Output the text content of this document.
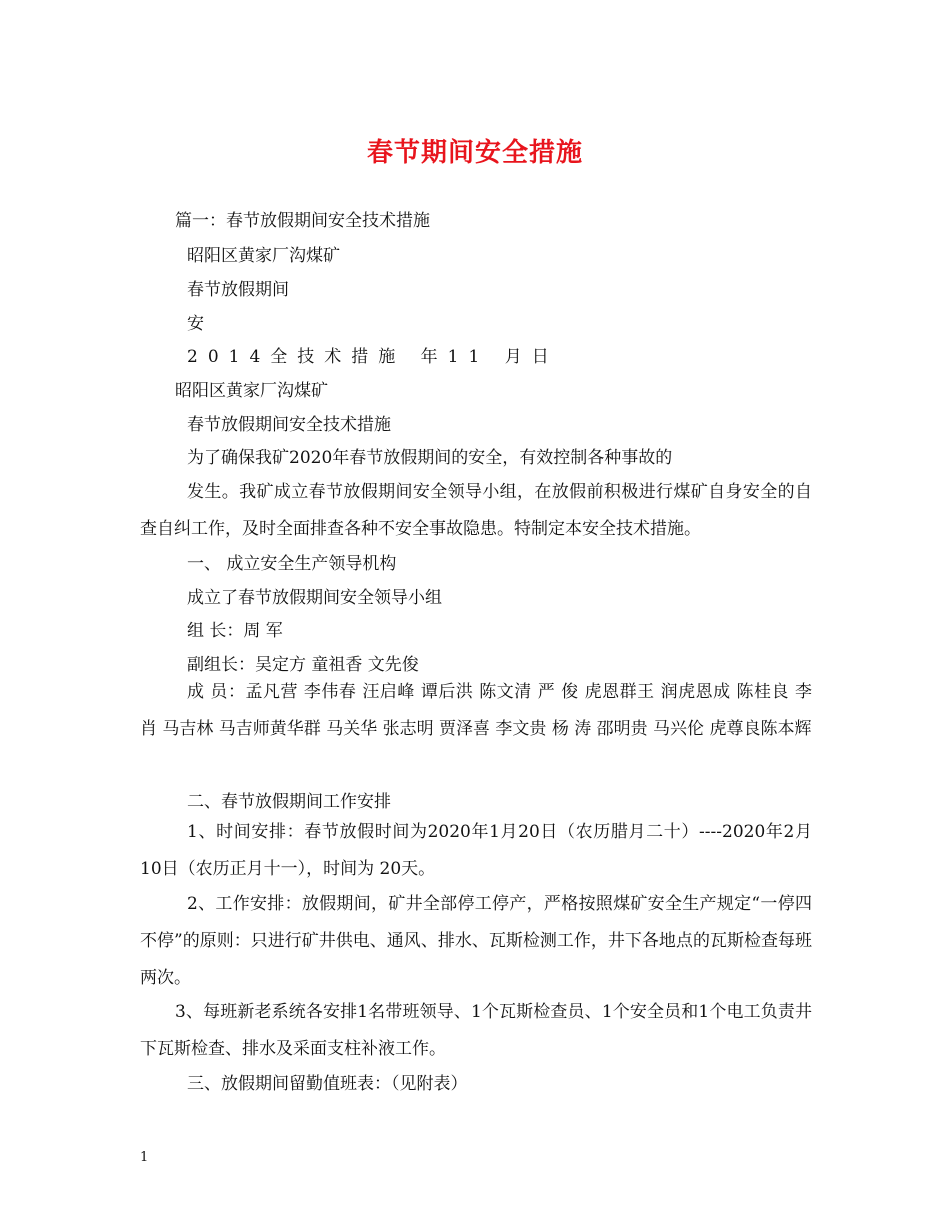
春节期间安全措施
篇一：春节放假期间安全技术措施
昭阳区黄家厂沟煤矿
春节放假期间
安
2014全技术措施 年11 月日
昭阳区黄家厂沟煤矿
春节放假期间安全技术措施
为了确保我矿2020年春节放假期间的安全，有效控制各种事故的
发生。我矿成立春节放假期间安全领导小组，在放假前积极进行煤矿自身安全的自查自纠工作，及时全面排查各种不安全事故隐患。特制定本安全技术措施。
一、 成立安全生产领导机构
成立了春节放假期间安全领导小组
组 长：周 军
副组长：吴定方 童祖香 文先俊
成 员：孟凡营 李伟春 汪启峰 谭后洪 陈文清 严 俊 虎恩群王 润虎恩成 陈桂良 李 肖 马吉林 马吉师黄华群 马关华 张志明 贾泽喜 李文贵 杨 涛 邵明贵 马兴伦 虎尊良陈本辉
二、春节放假期间工作安排
1、时间安排：春节放假时间为2020年1月20日（农历腊月二十）----2020年2月10日（农历正月十一），时间为 20天。
2、工作安排：放假期间，矿井全部停工停产，严格按照煤矿安全生产规定“一停四不停”的原则：只进行矿井供电、通风、排水、瓦斯检测工作，井下各地点的瓦斯检查每班两次。
3、每班新老系统各安排1名带班领导、1个瓦斯检查员、1个安全员和1个电工负责井下瓦斯检查、排水及采面支柱补液工作。
三、放假期间留勤值班表：（见附表）
1
